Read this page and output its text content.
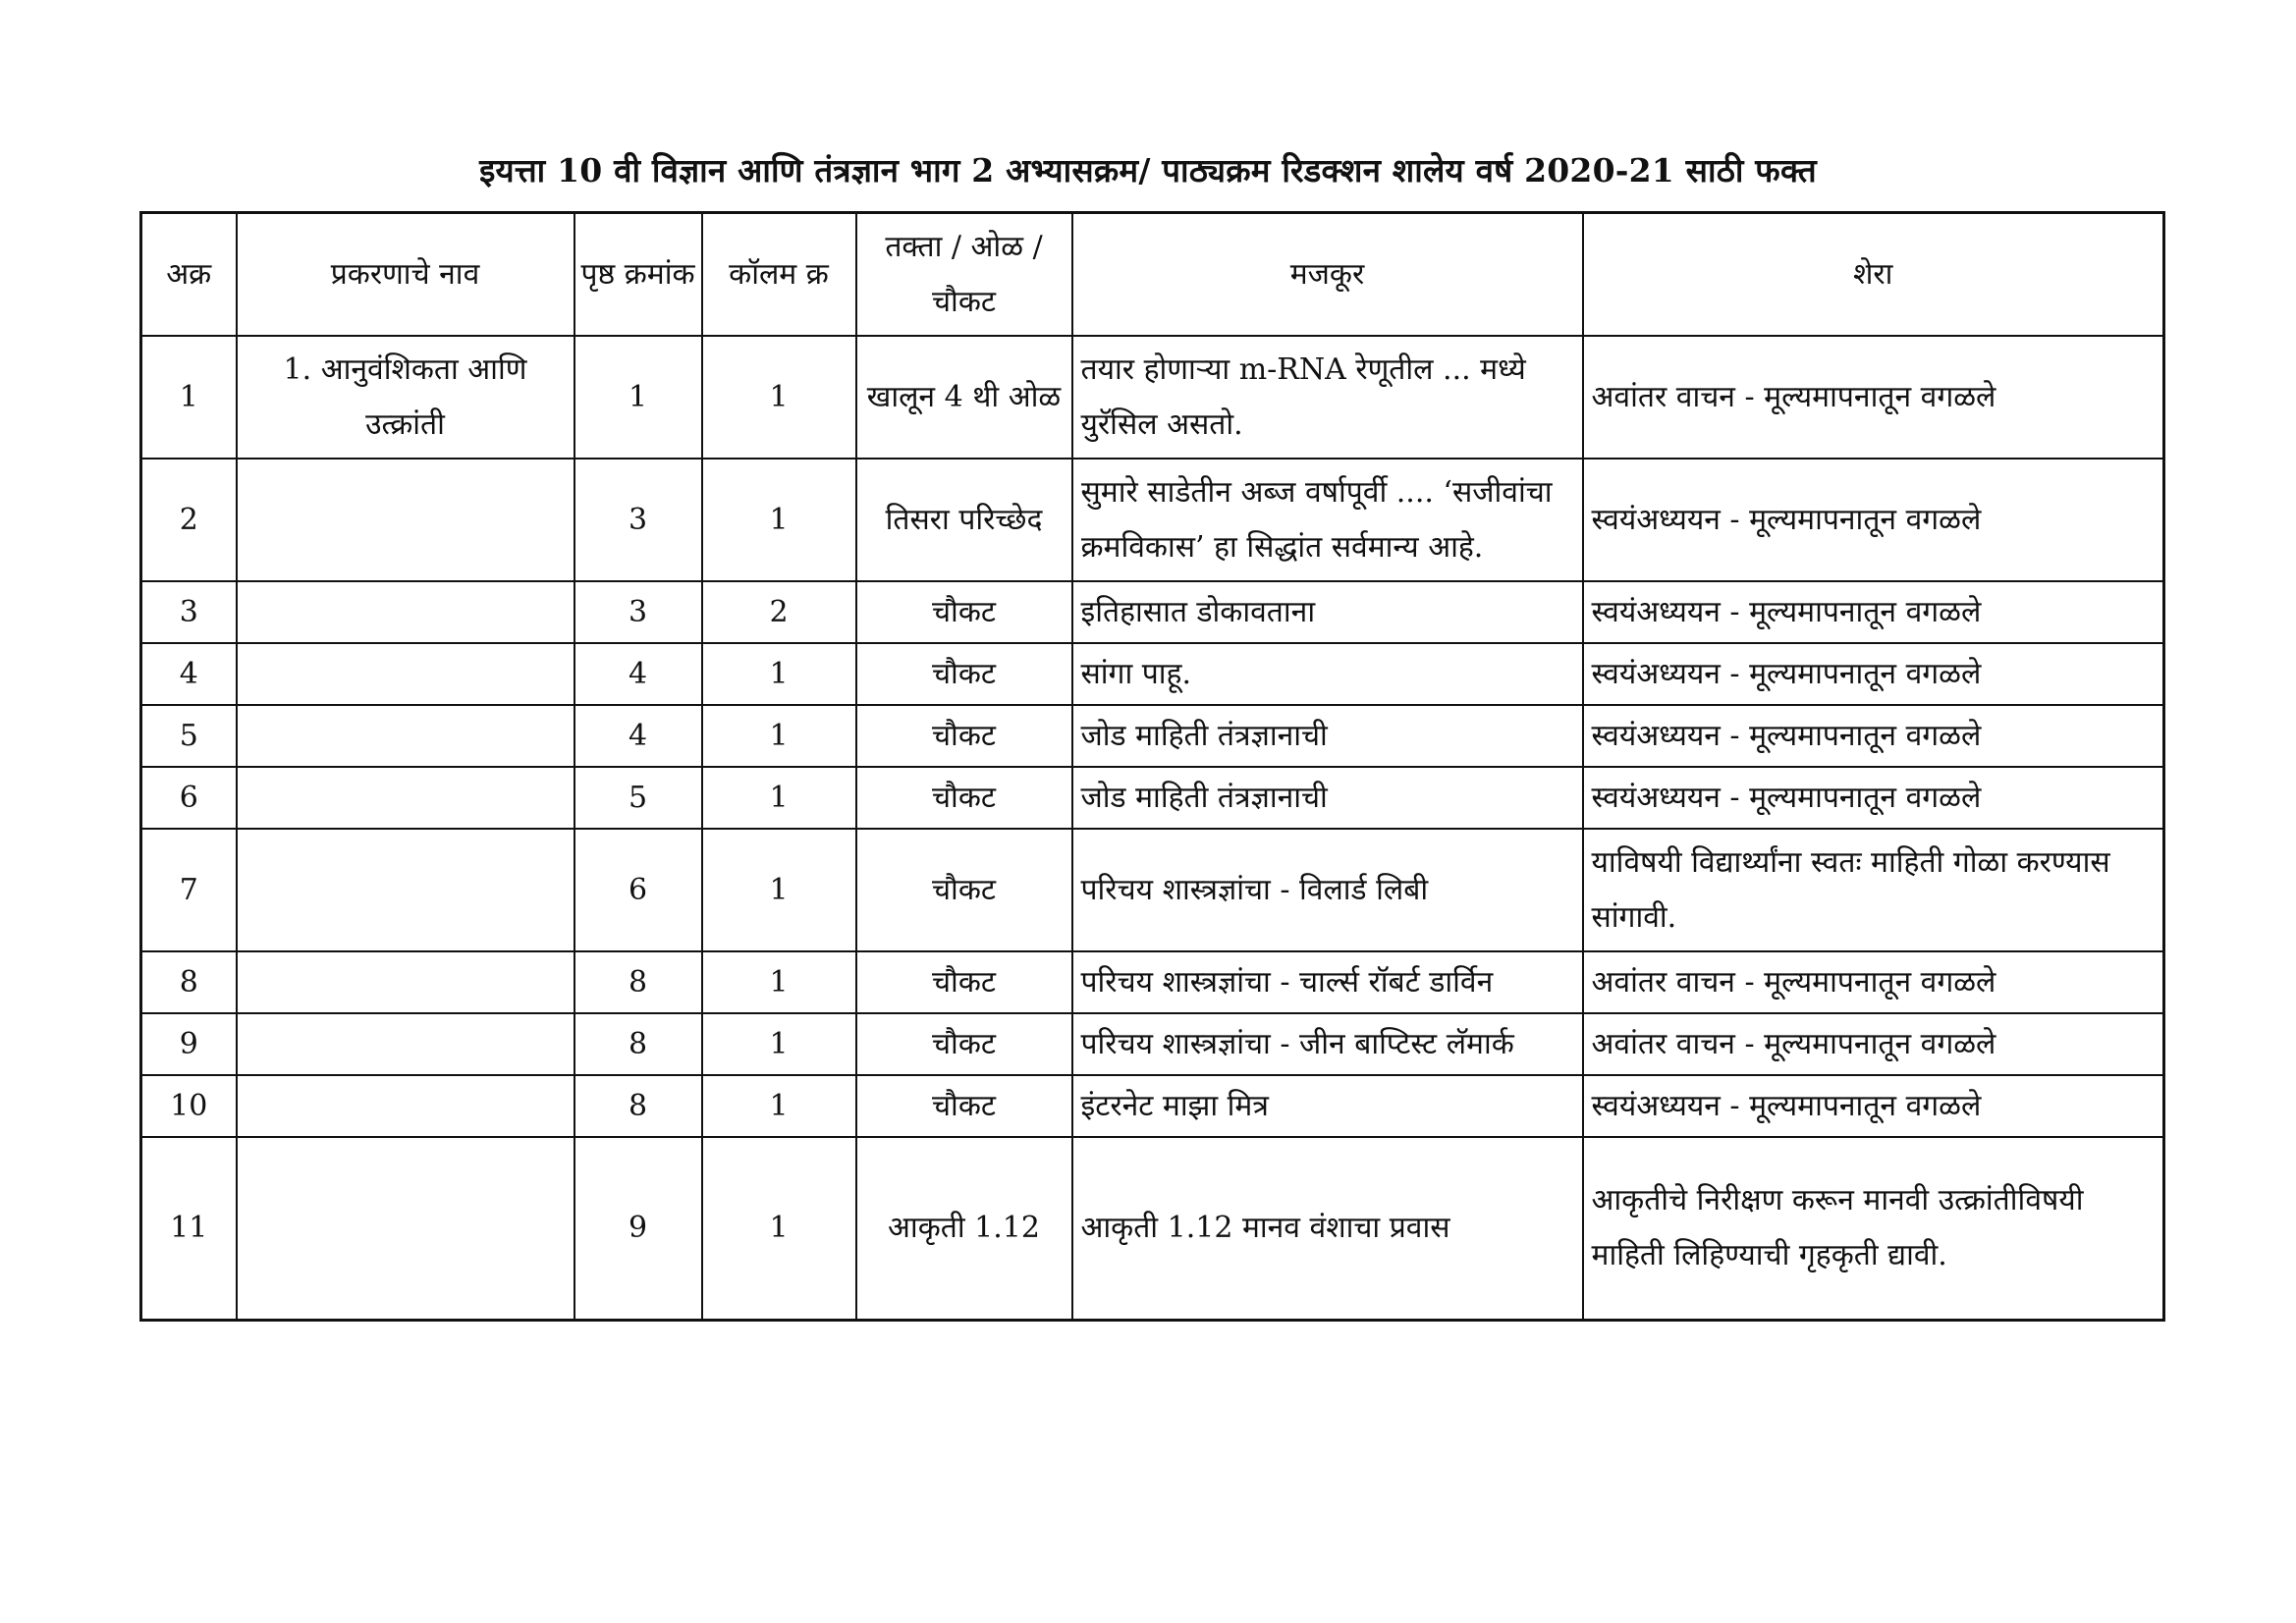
इयत्ता 10 वी विज्ञान आणि तंत्रज्ञान भाग 2 अभ्यासक्रम/ पाठ्यक्रम रिडक्शन शालेय वर्ष 2020-21 साठी फक्त
अक्र	प्रकरणाचे नाव	पृष्ठ क्रमांक	कॉलम क्र	तक्ता / ओळ / चौकट	मजकूर	शेरा
1	1. आनुवंशिकता आणि उत्क्रांती	1	1	खालून 4 थी ओळ	तयार होणाऱ्या m-RNA रेणूतील ... मध्ये युरॅसिल असतो.	अवांतर वाचन - मूल्यमापनातून वगळले
2		3	1	तिसरा परिच्छेद	सुमारे साडेतीन अब्ज वर्षापूर्वी .... ‘सजीवांचा क्रमविकास’ हा सिद्धांत सर्वमान्य आहे.	स्वयंअध्ययन - मूल्यमापनातून वगळले
3		3	2	चौकट	इतिहासात डोकावताना	स्वयंअध्ययन - मूल्यमापनातून वगळले
4		4	1	चौकट	सांगा पाहू.	स्वयंअध्ययन - मूल्यमापनातून वगळले
5		4	1	चौकट	जोड माहिती तंत्रज्ञानाची	स्वयंअध्ययन - मूल्यमापनातून वगळले
6		5	1	चौकट	जोड माहिती तंत्रज्ञानाची	स्वयंअध्ययन - मूल्यमापनातून वगळले
7		6	1	चौकट	परिचय शास्त्रज्ञांचा - विलार्ड लिबी	याविषयी विद्यार्थ्यांना स्वतः माहिती गोळा करण्यास सांगावी.
8		8	1	चौकट	परिचय शास्त्रज्ञांचा - चार्ल्स रॉबर्ट डार्विन	अवांतर वाचन - मूल्यमापनातून वगळले
9		8	1	चौकट	परिचय शास्त्रज्ञांचा - जीन बाप्टिस्ट लॅमार्क	अवांतर वाचन - मूल्यमापनातून वगळले
10		8	1	चौकट	इंटरनेट माझा मित्र	स्वयंअध्ययन - मूल्यमापनातून वगळले
11		9	1	आकृती 1.12	आकृती 1.12 मानव वंशाचा प्रवास	आकृतीचे निरीक्षण करून मानवी उत्क्रांतीविषयी माहिती लिहिण्याची गृहकृती द्यावी.
